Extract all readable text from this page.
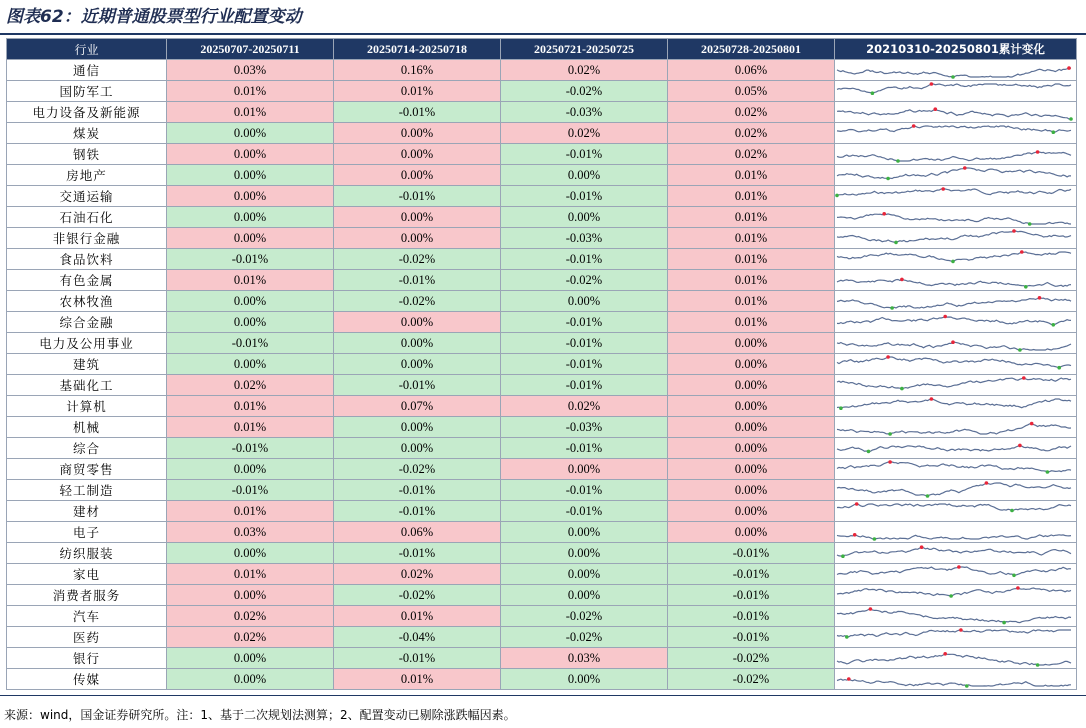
图表62：近期普通股票型行业配置变动
行业	20250707-20250711	20250714-20250718	20250721-20250725	20250728-20250801	20210310-20250801累计变化
通信	0.03%	0.16%	0.02%	0.06%	

国防军工	0.01%	0.01%	-0.02%	0.05%	

电力设备及新能源	0.01%	-0.01%	-0.03%	0.02%	

煤炭	0.00%	0.00%	0.02%	0.02%	

钢铁	0.00%	0.00%	-0.01%	0.02%	

房地产	0.00%	0.00%	0.00%	0.01%	

交通运输	0.00%	-0.01%	-0.01%	0.01%	

石油石化	0.00%	0.00%	0.00%	0.01%	

非银行金融	0.00%	0.00%	-0.03%	0.01%	

食品饮料	-0.01%	-0.02%	-0.01%	0.01%	

有色金属	0.01%	-0.01%	-0.02%	0.01%	

农林牧渔	0.00%	-0.02%	0.00%	0.01%	

综合金融	0.00%	0.00%	-0.01%	0.01%	

电力及公用事业	-0.01%	0.00%	-0.01%	0.00%	

建筑	0.00%	0.00%	-0.01%	0.00%	

基础化工	0.02%	-0.01%	-0.01%	0.00%	

计算机	0.01%	0.07%	0.02%	0.00%	

机械	0.01%	0.00%	-0.03%	0.00%	

综合	-0.01%	0.00%	-0.01%	0.00%	

商贸零售	0.00%	-0.02%	0.00%	0.00%	

轻工制造	-0.01%	-0.01%	-0.01%	0.00%	

建材	0.01%	-0.01%	-0.01%	0.00%	

电子	0.03%	0.06%	0.00%	0.00%	

纺织服装	0.00%	-0.01%	0.00%	-0.01%	

家电	0.01%	0.02%	0.00%	-0.01%	

消费者服务	0.00%	-0.02%	0.00%	-0.01%	

汽车	0.02%	0.01%	-0.02%	-0.01%	

医药	0.02%	-0.04%	-0.02%	-0.01%	

银行	0.00%	-0.01%	0.03%	-0.02%	

传媒	0.00%	0.01%	0.00%	-0.02%	
来源：wind，国金证券研究所。注：1、基于二次规划法测算；2、配置变动已剔除涨跌幅因素。
